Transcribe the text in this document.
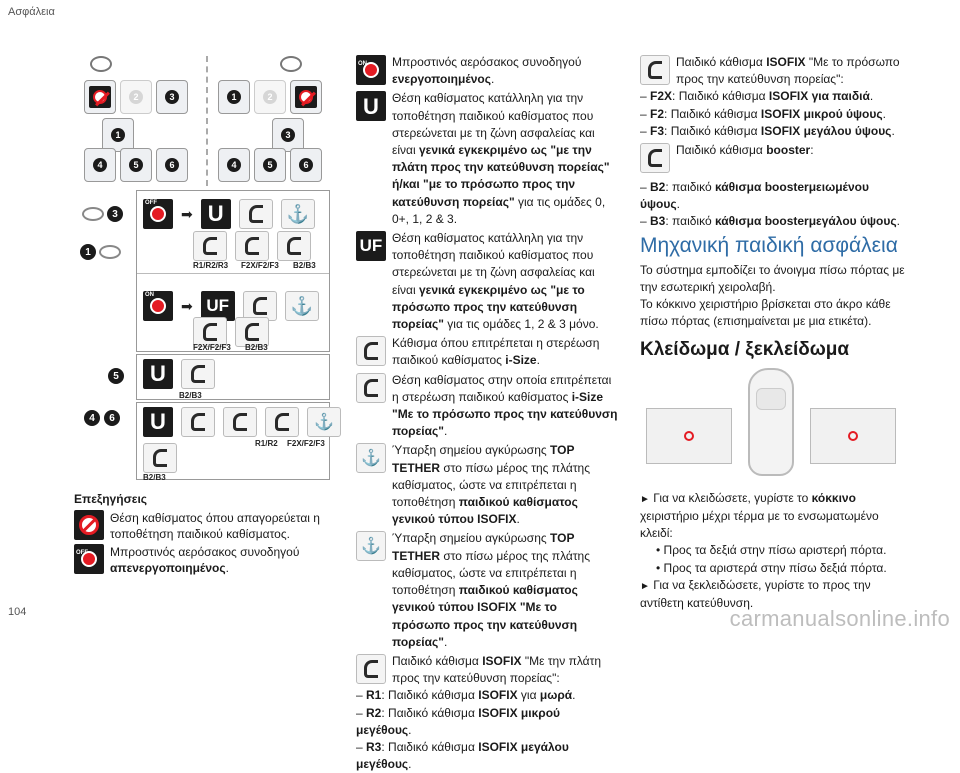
Ασφάλεια
104	carmanualsonline.info
2	3
1
4	5	6
1	2
3
4	5	6
3
1
OFF
➡ U	⚓
R1/R2/R3 F2X/F2/F3 B2/B3
ON
➡ UF	⚓
F2X/F2/F3 B2/B3
5	U
B2/B3
4	6	U	⚓
R1/R2 F2X/F2/F3
B2/B3
Επεξηγήσεις
Θέση καθίσματος όπου απαγορεύεται η τοποθέτηση παιδικού καθίσματος.
OFF Μπροστινός αερόσακος συνοδηγού απενεργοποιημένος.
ON Μπροστινός αερόσακος συνοδηγού ενεργοποιημένος.

U	Θέση καθίσματος κατάλληλη για την τοποθέτηση παιδικού καθίσματος που στερεώνεται με τη ζώνη ασφαλείας και είναι γενικά εγκεκριμένο ως "με την πλάτη προς την κατεύθυνση πορείας" ή/και "με το πρόσωπο προς την κατεύθυνση πορείας" για τις ομάδες 0, 0+, 1, 2 & 3.

UF Θέση καθίσματος κατάλληλη για την τοποθέτηση παιδικού καθίσματος που στερεώνεται με τη ζώνη ασφαλείας και είναι γενικά εγκεκριμένο ως "με το πρόσωπο προς την κατεύθυνση πορείας" για τις ομάδες 1, 2 & 3 μόνο.

Κάθισμα όπου επιτρέπεται η στερέωση παιδικού καθίσματος i-Size.

Θέση καθίσματος στην οποία επιτρέπεται η στερέωση παιδικού καθίσματος i-Size "Με το πρόσωπο προς την κατεύθυνση πορείας".

⚓ Ύπαρξη σημείου αγκύρωσης TOP TETHER στο πίσω μέρος της πλάτης καθίσματος, ώστε να επιτρέπεται η τοποθέτηση παιδικού καθίσματος γενικού τύπου ISOFIX.

⚓ Ύπαρξη σημείου αγκύρωσης TOP TETHER στο πίσω μέρος της πλάτης καθίσματος, ώστε να επιτρέπεται η τοποθέτηση παιδικού καθίσματος γενικού τύπου ISOFIX "Με το πρόσωπο προς την κατεύθυνση πορείας".

Παιδικό κάθισμα ISOFIX "Με την πλάτη προς την κατεύθυνση πορείας":

– R1: Παιδικό κάθισμα ISOFIX για μωρά.

– R2: Παιδικό κάθισμα ISOFIX μικρού μεγέθους.

– R3: Παιδικό κάθισμα ISOFIX μεγάλου μεγέθους.

Παιδικό κάθισμα ISOFIX "Με το πρόσωπο προς την κατεύθυνση πορείας":

– F2X: Παιδικό κάθισμα ISOFIX για παιδιά.

– F2: Παιδικό κάθισμα ISOFIX μικρού ύψους.

– F3: Παιδικό κάθισμα ISOFIX μεγάλου ύψους.

Παιδικό κάθισμα booster:

– B2: παιδικό κάθισμα boosterμειωμένου ύψους.

– B3: παιδικό κάθισμα boosterμεγάλου ύψους.

Μηχανική παιδική ασφάλεια

Το σύστημα εμποδίζει το άνοιγμα πίσω πόρτας με την εσωτερική χειρολαβή.

Το κόκκινο χειριστήριο βρίσκεται στο άκρο κάθε πίσω πόρτας (επισημαίνεται με μια ετικέτα).

Κλείδωμα / ξεκλείδωμα

► Για να κλειδώσετε, γυρίστε το κόκκινο χειριστήριο μέχρι τέρμα με το ενσωματωμένο κλειδί:

• Προς τα δεξιά στην πίσω αριστερή πόρτα.

• Προς τα αριστερά στην πίσω δεξιά πόρτα.

► Για να ξεκλειδώσετε, γυρίστε το προς την αντίθετη κατεύθυνση.
